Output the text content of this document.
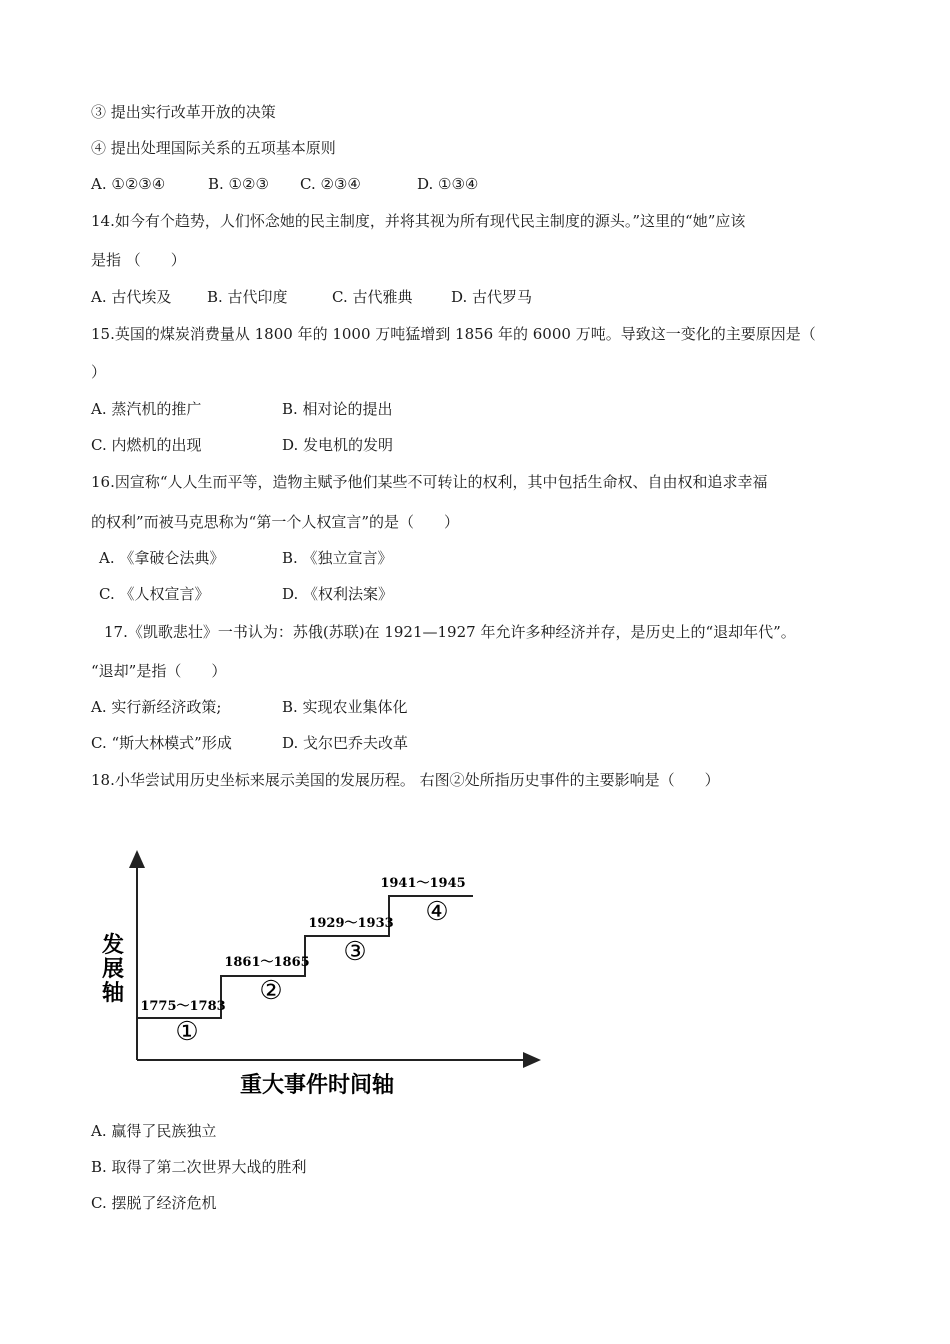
③ 提出实行改革开放的决策
④ 提出处理国际关系的五项基本原则
A. ①②③④	B. ①②③ C. ②③④	D. ①③④
14.如今有个趋势，人们怀念她的民主制度，并将其视为所有现代民主制度的源头。”这里的“她”应该
是指 （　　）
A. 古代埃及 B. 古代印度	C. 古代雅典	D. 古代罗马
15.英国的煤炭消费量从 1800 年的 1000 万吨猛增到 1856 年的 6000 万吨。导致这一变化的主要原因是（
）
A. 蒸汽机的推广	B. 相对论的提出
C. 内燃机的出现	D. 发电机的发明
16.因宣称“人人生而平等，造物主赋予他们某些不可转让的权利，其中包括生命权、自由权和追求幸福
的权利”而被马克思称为“第一个人权宣言”的是（　　）
A. 《拿破仑法典》	B. 《独立宣言》
C. 《人权宣言》	D. 《权利法案》
17.《凯歌悲壮》一书认为：苏俄(苏联)在 1921—1927 年允许多种经济并存，是历史上的“退却年代”。
“退却”是指（　　）
A. 实行新经济政策;	B. 实现农业集体化
C. “斯大林模式”形成	D. 戈尔巴乔夫改革
18.小华尝试用历史坐标来展示美国的发展历程。 右图②处所指历史事件的主要影响是（　　）
发
展
轴
重大事件时间轴
1775～1783
①
1861～1865
②
1929～1933
③
1941～1945
④
A. 赢得了民族独立
B. 取得了第二次世界大战的胜利
C. 摆脱了经济危机
